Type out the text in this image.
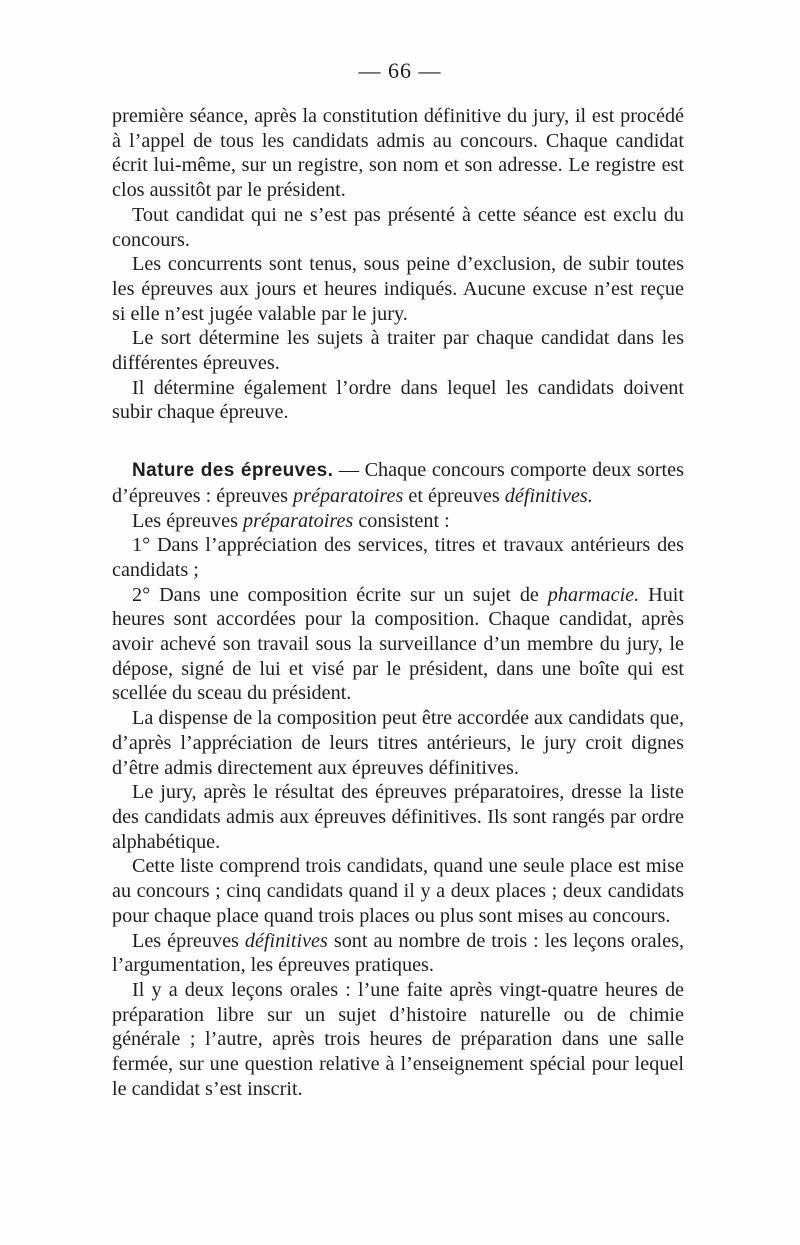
— 66 —

première séance, après la constitution définitive du jury, il est procédé à l’appel de tous les candidats admis au concours. Chaque candidat écrit lui-même, sur un registre, son nom et son adresse. Le registre est clos aussitôt par le président.

Tout candidat qui ne s’est pas présenté à cette séance est exclu du concours.

Les concurrents sont tenus, sous peine d’exclusion, de subir toutes les épreuves aux jours et heures indiqués. Aucune excuse n’est reçue si elle n’est jugée valable par le jury.

Le sort détermine les sujets à traiter par chaque candidat dans les différentes épreuves.

Il détermine également l’ordre dans lequel les candidats doivent subir chaque épreuve.

Nature des épreuves. — Chaque concours comporte deux sortes d’épreuves : épreuves préparatoires et épreuves définitives.

Les épreuves préparatoires consistent :

1° Dans l’appréciation des services, titres et travaux antérieurs des candidats ;

2° Dans une composition écrite sur un sujet de pharmacie. Huit heures sont accordées pour la composition. Chaque candidat, après avoir achevé son travail sous la surveillance d’un membre du jury, le dépose, signé de lui et visé par le président, dans une boîte qui est scellée du sceau du président.

La dispense de la composition peut être accordée aux candidats que, d’après l’appréciation de leurs titres antérieurs, le jury croit dignes d’être admis directement aux épreuves définitives.

Le jury, après le résultat des épreuves préparatoires, dresse la liste des candidats admis aux épreuves définitives. Ils sont rangés par ordre alphabétique.

Cette liste comprend trois candidats, quand une seule place est mise au concours ; cinq candidats quand il y a deux places ; deux candidats pour chaque place quand trois places ou plus sont mises au concours.

Les épreuves définitives sont au nombre de trois : les leçons orales, l’argumentation, les épreuves pratiques.

Il y a deux leçons orales : l’une faite après vingt-quatre heures de préparation libre sur un sujet d’histoire naturelle ou de chimie générale ; l’autre, après trois heures de préparation dans une salle fermée, sur une question relative à l’enseignement spécial pour lequel le candidat s’est inscrit.
